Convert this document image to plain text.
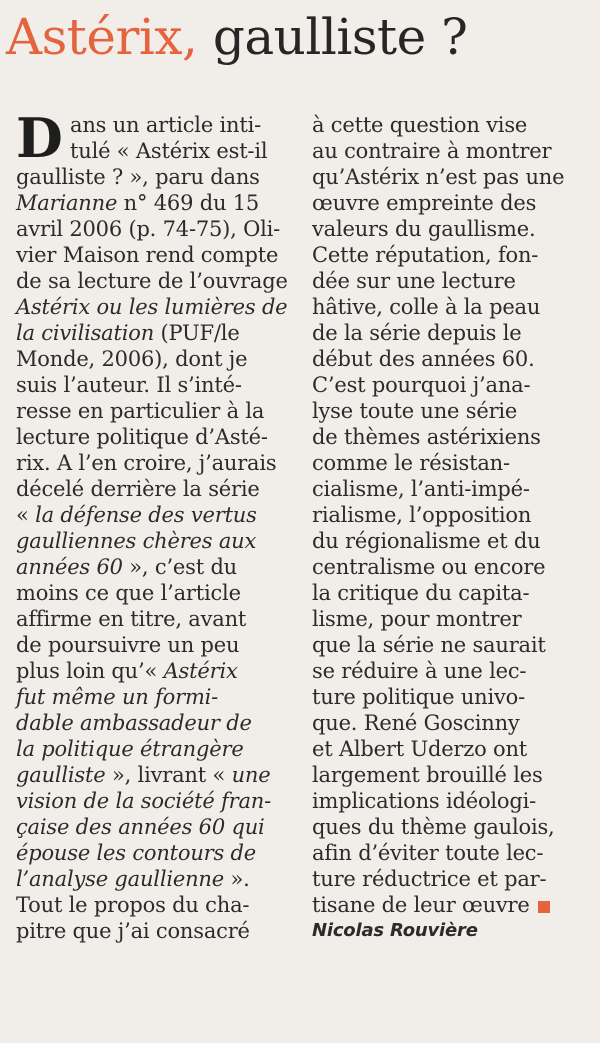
Astérix, gaulliste ?
D ans un article inti-

tulé « Astérix est-il

gaulliste ? », paru dans

Marianne n° 469 du 15

avril 2006 (p. 74-75), Oli-

vier Maison rend compte

de sa lecture de l’ouvrage

Astérix ou les lumières de

la civilisation (PUF/le

Monde, 2006), dont je

suis l’auteur. Il s’inté-

resse en particulier à la

lecture politique d’Asté-

rix. A l’en croire, j’aurais

décelé derrière la série

« la défense des vertus

gaulliennes chères aux

années 60 », c’est du

moins ce que l’article

affirme en titre, avant

de poursuivre un peu

plus loin qu’« Astérix

fut même un formi-

dable ambassadeur de

la politique étrangère

gaulliste », livrant « une

vision de la société fran-

çaise des années 60 qui

épouse les contours de

l’analyse gaullienne ».

Tout le propos du cha-

pitre que j’ai consacré

à cette question vise

au contraire à montrer

qu’Astérix n’est pas une

œuvre empreinte des

valeurs du gaullisme.

Cette réputation, fon-

dée sur une lecture

hâtive, colle à la peau

de la série depuis le

début des années 60.

C’est pourquoi j’ana-

lyse toute une série

de thèmes astérixiens

comme le résistan-

cialisme, l’anti-impé-

rialisme, l’opposition

du régionalisme et du

centralisme ou encore

la critique du capita-

lisme, pour montrer

que la série ne saurait

se réduire à une lec-

ture politique univo-

que. René Goscinny

et Albert Uderzo ont

largement brouillé les

implications idéologi-

ques du thème gaulois,

afin d’éviter toute lec-

ture réductrice et par-

tisane de leur œuvre

Nicolas Rouvière
